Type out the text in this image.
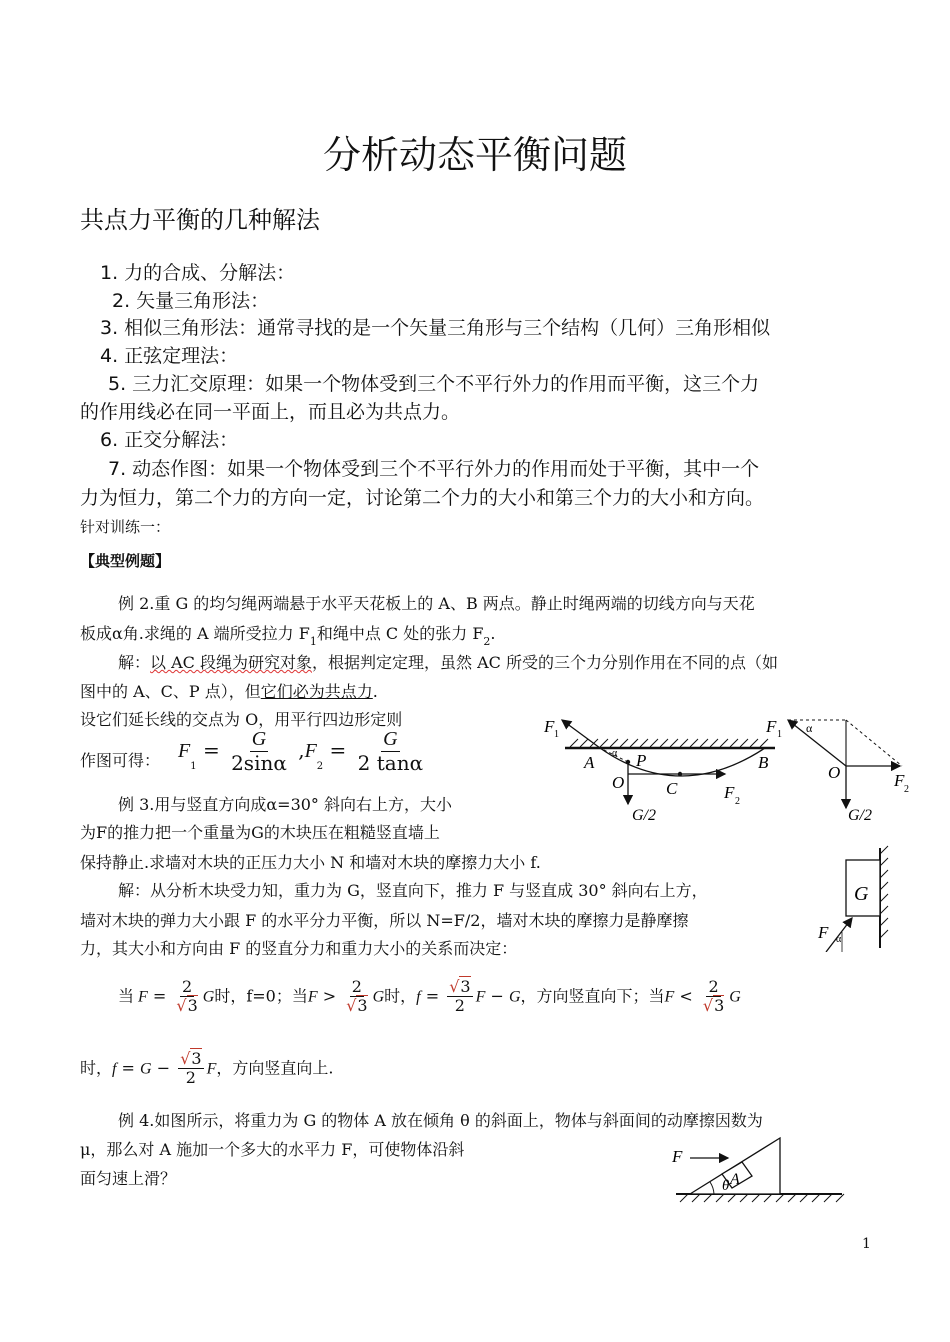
分析动态平衡问题
共点力平衡的几种解法
1. 力的合成、分解法：
2. 矢量三角形法：
3. 相似三角形法：通常寻找的是一个矢量三角形与三个结构（几何）三角形相似
4. 正弦定理法：
5. 三力汇交原理：如果一个物体受到三个不平行外力的作用而平衡，这三个力
的作用线必在同一平面上，而且必为共点力。
6. 正交分解法：
7. 动态作图：如果一个物体受到三个不平行外力的作用而处于平衡，其中一个
力为恒力，第二个力的方向一定，讨论第二个力的大小和第三个力的大小和方向。
针对训练一：
【典型例题】
例 2.重 G 的均匀绳两端悬于水平天花板上的 A、B 两点。静止时绳两端的切线方向与天花
板成α角.求绳的 A 端所受拉力 $F_1$和绳中点 C 处的张力 $F_2$.
解：以 AC 段绳为研究对象，根据判定定理，虽然 AC 所受的三个力分别作用在不同的点（如
图中的 A、C、P 点），但它们必为共点力.
设它们延长线的交点为 O，用平行四边形定则
作图可得： $F_1 = \frac{G}{2\sin\alpha} ,F_2 = \frac{G}{2 \tan\alpha}$
F 1
A α P	B
O C	F 2
G/2
F 1 α
O	F 2
G/2
例 3.用与竖直方向成α=30° 斜向右上方，大小
为F的推力把一个重量为G的木块压在粗糙竖直墙上
保持静止.求墙对木块的正压力大小 N 和墙对木块的摩擦力大小 f.
解：从分析木块受力知，重力为 G，竖直向下，推力 F 与竖直成 30° 斜向右上方，
墙对木块的弹力大小跟 F 的水平分力平衡，所以 N=F/2，墙对木块的摩擦力是静摩擦
力，其大小和方向由 F 的竖直分力和重力大小的关系而决定：
G
F α
当 $F = \frac{2}{√3}$ G时，f=0；当$F > \frac{2}{√3}$ G时，$f = \frac{√3}{2}$ F − G，方向竖直向下；当$F < \frac{2}{√3}$ G
时，$f = G - \frac{√3}{2}$ F，方向竖直向上.
例 4.如图所示，将重力为 G 的物体 A 放在倾角 θ 的斜面上，物体与斜面间的动摩擦因数为
μ，那么对 A 施加一个多大的水平力 F，可使物体沿斜
面匀速上滑？	A
F
θ
1
